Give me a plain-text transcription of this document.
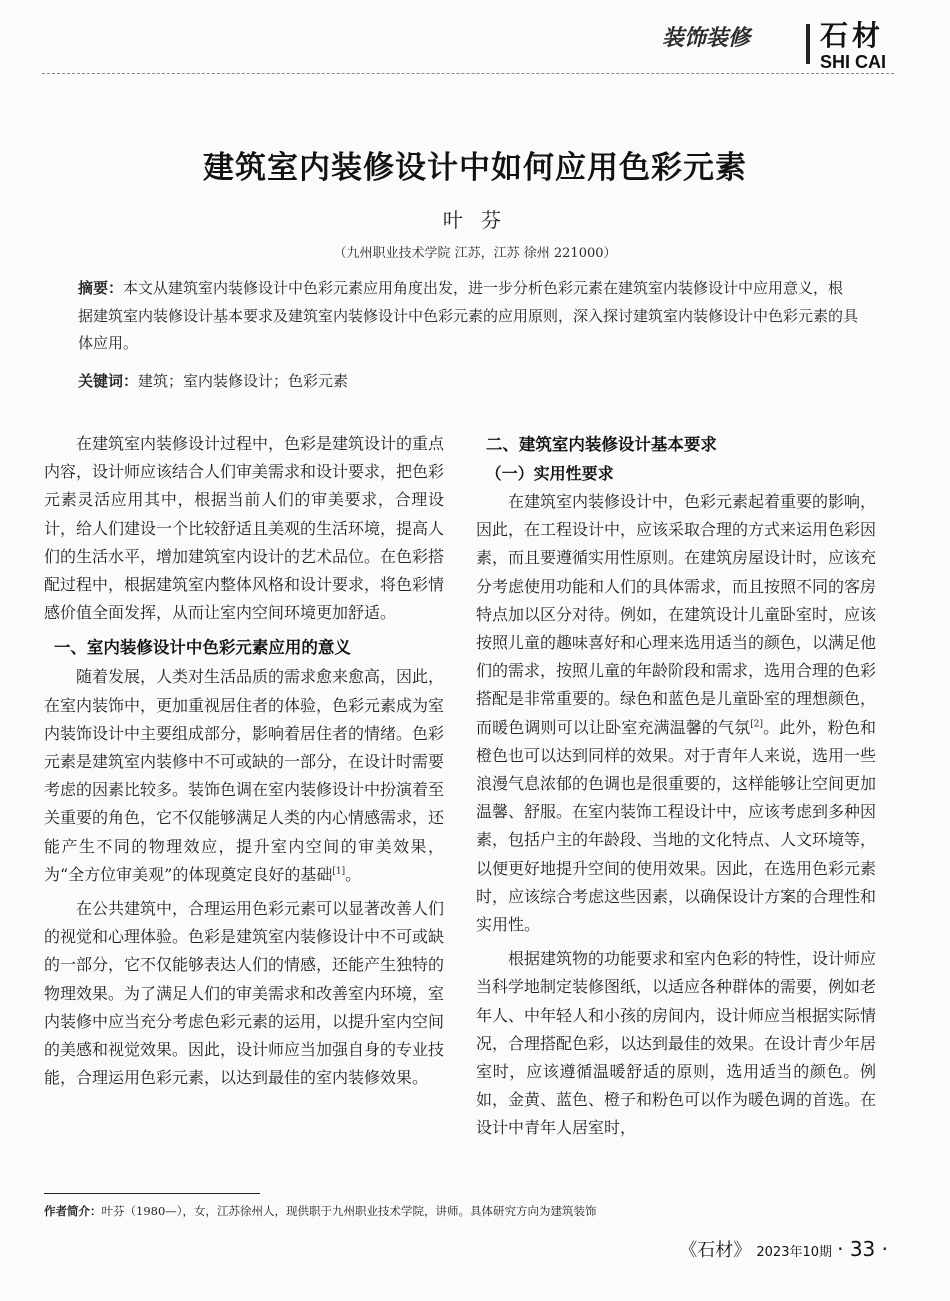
装饰装修	石材
SHI CAI
建筑室内装修设计中如何应用色彩元素
叶 芬
（九州职业技术学院 江苏，江苏 徐州 221000）

摘要：本文从建筑室内装修设计中色彩元素应用角度出发，进一步分析色彩元素在建筑室内装修设计中应用意义，根据建筑室内装修设计基本要求及建筑室内装修设计中色彩元素的应用原则，深入探讨建筑室内装修设计中色彩元素的具体应用。

关键词：建筑；室内装修设计；色彩元素

在建筑室内装修设计过程中，色彩是建筑设计的重点内容，设计师应该结合人们审美需求和设计要求，把色彩元素灵活应用其中，根据当前人们的审美要求，合理设计，给人们建设一个比较舒适且美观的生活环境，提高人们的生活水平，增加建筑室内设计的艺术品位。在色彩搭配过程中，根据建筑室内整体风格和设计要求，将色彩情感价值全面发挥，从而让室内空间环境更加舒适。

一、室内装修设计中色彩元素应用的意义

随着发展，人类对生活品质的需求愈来愈高，因此，在室内装饰中，更加重视居住者的体验，色彩元素成为室内装饰设计中主要组成部分，影响着居住者的情绪。色彩元素是建筑室内装修中不可或缺的一部分，在设计时需要考虑的因素比较多。装饰色调在室内装修设计中扮演着至关重要的角色，它不仅能够满足人类的内心情感需求，还能产生不同的物理效应，提升室内空间的审美效果，为“全方位审美观”的体现奠定良好的基础[1]。

在公共建筑中，合理运用色彩元素可以显著改善人们的视觉和心理体验。色彩是建筑室内装修设计中不可或缺的一部分，它不仅能够表达人们的情感，还能产生独特的物理效果。为了满足人们的审美需求和改善室内环境，室内装修中应当充分考虑色彩元素的运用，以提升室内空间的美感和视觉效果。因此，设计师应当加强自身的专业技能，合理运用色彩元素，以达到最佳的室内装修效果。

二、建筑室内装修设计基本要求
（一）实用性要求

在建筑室内装修设计中，色彩元素起着重要的影响，因此，在工程设计中，应该采取合理的方式来运用色彩因素，而且要遵循实用性原则。在建筑房屋设计时，应该充分考虑使用功能和人们的具体需求，而且按照不同的客房特点加以区分对待。例如，在建筑设计儿童卧室时，应该按照儿童的趣味喜好和心理来选用适当的颜色，以满足他们的需求，按照儿童的年龄阶段和需求，选用合理的色彩搭配是非常重要的。绿色和蓝色是儿童卧室的理想颜色，而暖色调则可以让卧室充满温馨的气氛[2]。此外，粉色和橙色也可以达到同样的效果。对于青年人来说，选用一些浪漫气息浓郁的色调也是很重要的，这样能够让空间更加温馨、舒服。在室内装饰工程设计中，应该考虑到多种因素，包括户主的年龄段、当地的文化特点、人文环境等，以便更好地提升空间的使用效果。因此，在选用色彩元素时，应该综合考虑这些因素，以确保设计方案的合理性和实用性。

根据建筑物的功能要求和室内色彩的特性，设计师应当科学地制定装修图纸，以适应各种群体的需要，例如老年人、中年轻人和小孩的房间内，设计师应当根据实际情况，合理搭配色彩，以达到最佳的效果。在设计青少年居室时，应该遵循温暖舒适的原则，选用适当的颜色。例如，金黄、蓝色、橙子和粉色可以作为暖色调的首选。在设计中青年人居室时，

作者简介：叶芬（1980—），女，江苏徐州人，现供职于九州职业技术学院，讲师。具体研究方向为建筑装饰
《石材》 2023年10期 · 33 ·
